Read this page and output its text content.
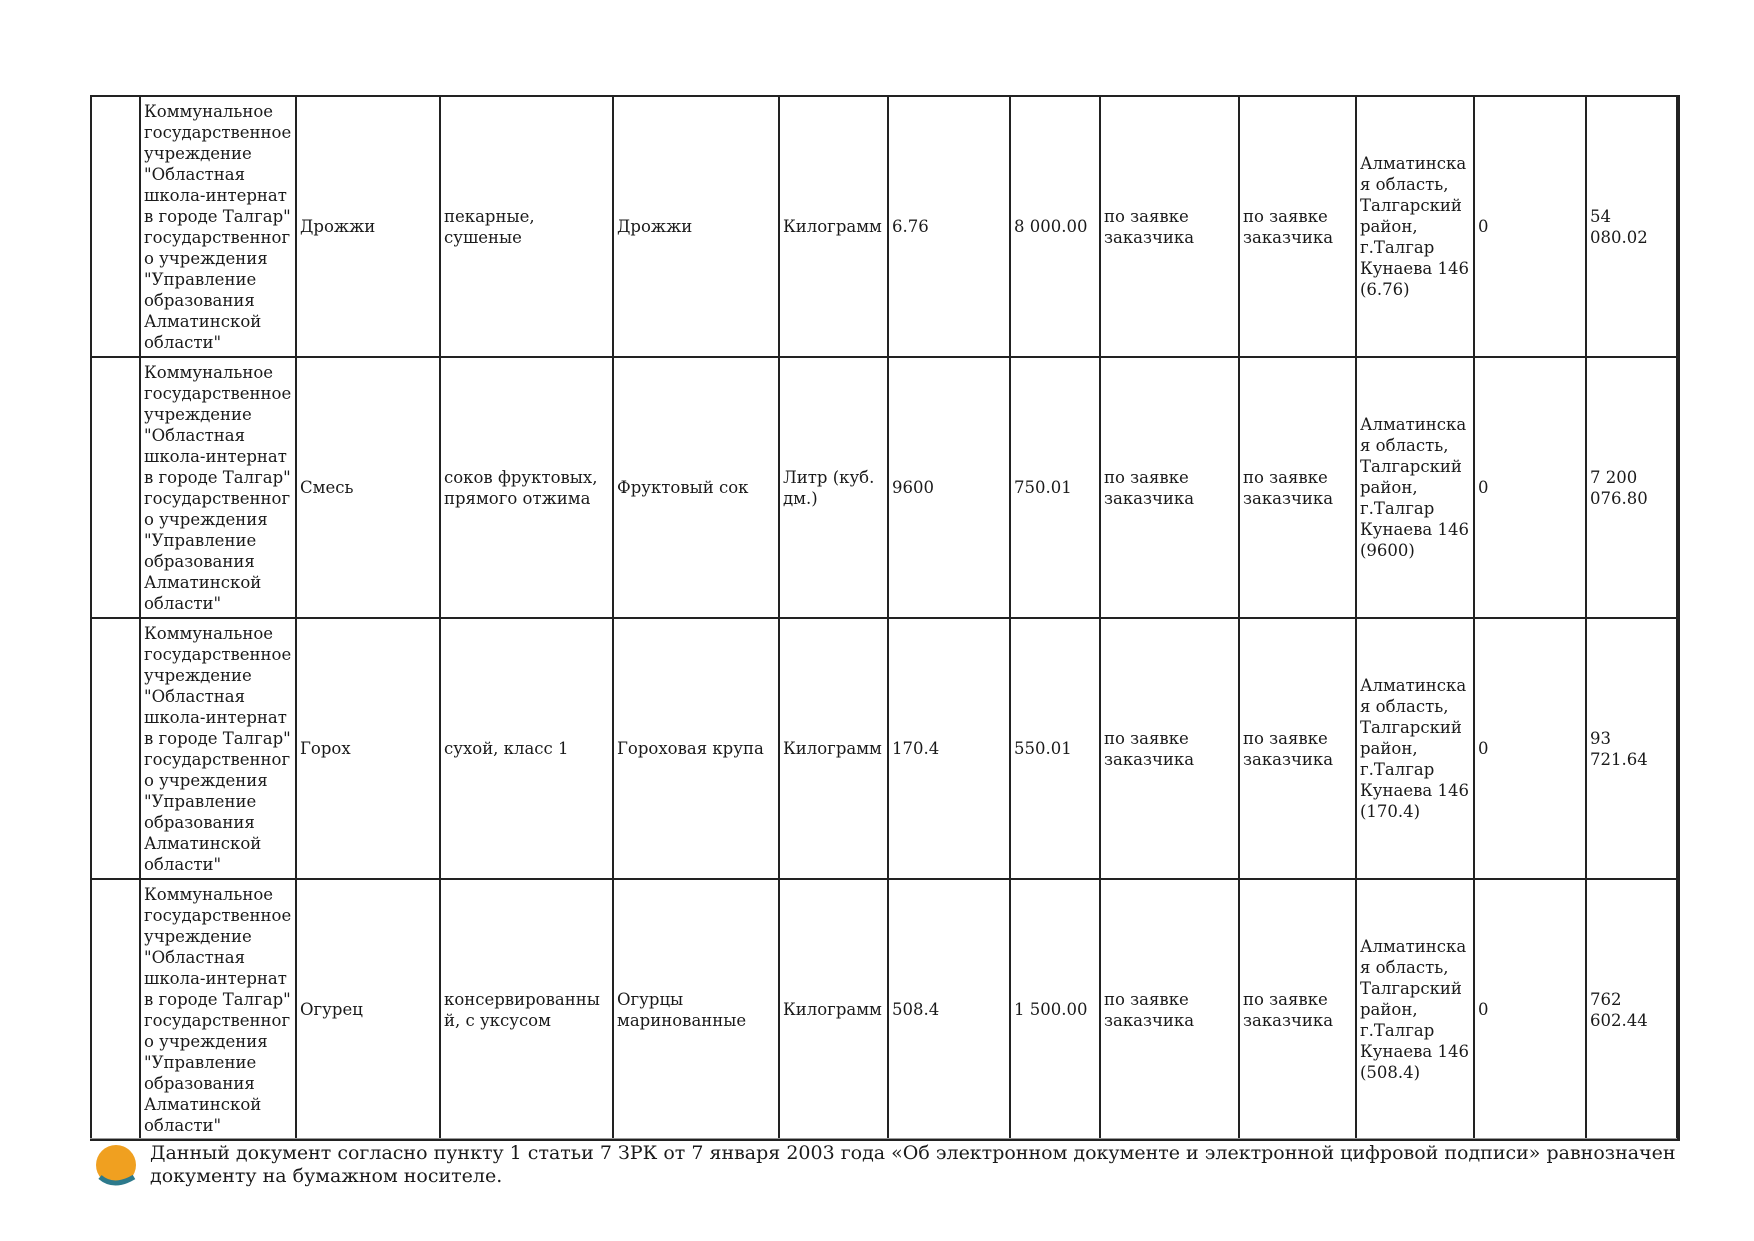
	Коммунальное государственное учреждение "Областная школа-интернат в городе Талгар" государственного учреждения "Управление образования Алматинской области"	Дрожжи	пекарные, сушеные	Дрожжи	Килограмм	6.76	8 000.00	по заявке заказчика	по заявке заказчика	Алматинская область, Талгарский район, г.Талгар Кунаева 146 (6.76)	0	54 080.02
	Коммунальное государственное учреждение "Областная школа-интернат в городе Талгар" государственного учреждения "Управление образования Алматинской области"	Смесь	соков фруктовых, прямого отжима	Фруктовый сок	Литр (куб. дм.)	9600	750.01	по заявке заказчика	по заявке заказчика	Алматинская область, Талгарский район, г.Талгар Кунаева 146 (9600)	0	7 200 076.80
	Коммунальное государственное учреждение "Областная школа-интернат в городе Талгар" государственного учреждения "Управление образования Алматинской области"	Горох	сухой, класс 1	Гороховая крупа	Килограмм	170.4	550.01	по заявке заказчика	по заявке заказчика	Алматинская область, Талгарский район, г.Талгар Кунаева 146 (170.4)	0	93 721.64
	Коммунальное государственное учреждение "Областная школа-интернат в городе Талгар" государственного учреждения "Управление образования Алматинской области"	Огурец	консервированный, с уксусом	Огурцы маринованные	Килограмм	508.4	1 500.00	по заявке заказчика	по заявке заказчика	Алматинская область, Талгарский район, г.Талгар Кунаева 146 (508.4)	0	762 602.44
Данный документ согласно пункту 1 статьи 7 ЗРК от 7 января 2003 года «Об электронном документе и электронной цифровой подписи» равнозначен документу на бумажном носителе.
